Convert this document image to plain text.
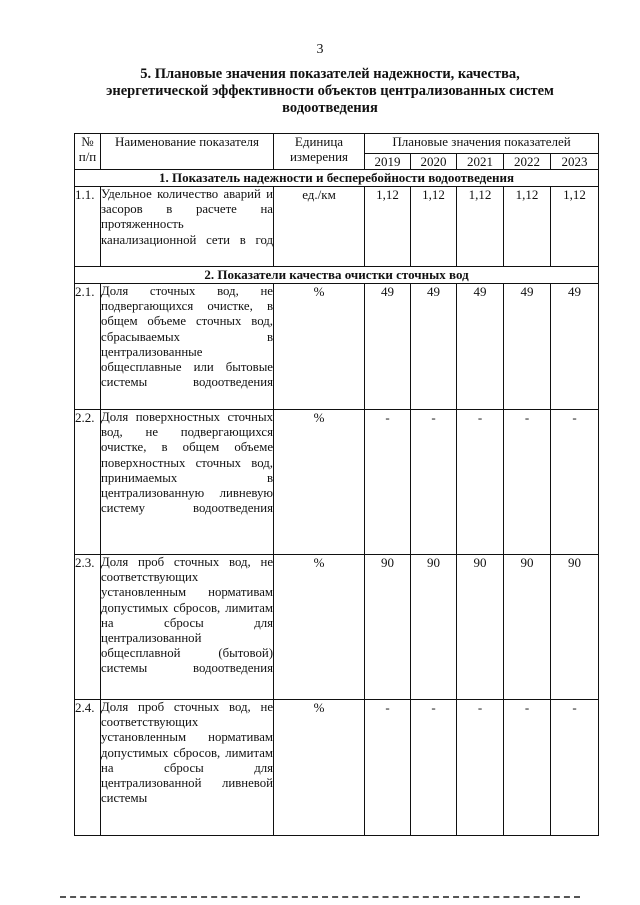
3
5. Плановые значения показателей надежности, качества, энергетической эффективности объектов централизованных систем водоотведения
№ п/п	Наименование показателя	Единица измерения	Плановые значения показателей				
			2019	2020	2021	2022	2023
1. Показатель надежности и бесперебойности водоотведения							
1.1.	Удельное количество аварий и засоров в расчете на протяженность канализационной сети в год	ед./км	1,12	1,12	1,12	1,12	1,12
2. Показатели качества очистки сточных вод							
2.1.	Доля сточных вод, не подвергающихся очистке, в общем объеме сточных вод, сбрасываемых в централизованные общесплавные или бытовые системы водоотведения	%	49	49	49	49	49
2.2.	Доля поверхностных сточных вод, не подвергающихся очистке, в общем объеме поверхностных сточных вод, принимаемых в централизованную ливневую систему водоотведения	%	-	-	-	-	-
2.3.	Доля проб сточных вод, не соответствующих установленным нормативам допустимых сбросов, лимитам на сбросы для централизованной общесплавной (бытовой) системы водоотведения	%	90	90	90	90	90
2.4.	Доля проб сточных вод, не соответствующих установленным нормативам допустимых сбросов, лимитам на сбросы для централизованной ливневой системы	%	-	-	-	-	-
